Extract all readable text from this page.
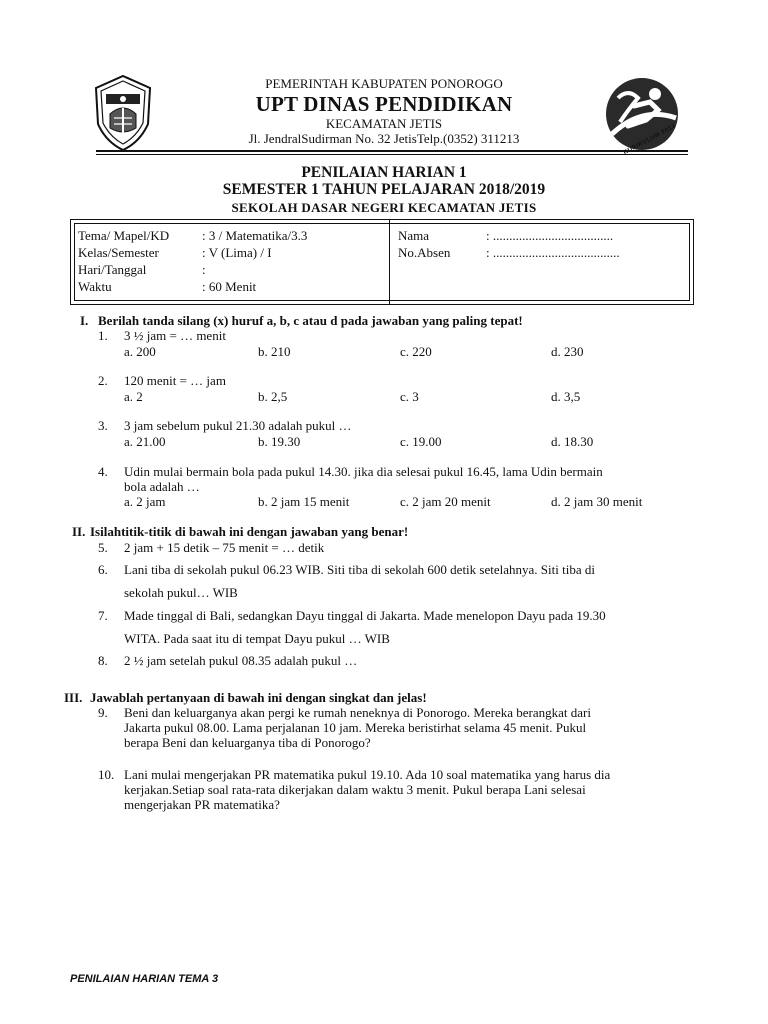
PEMERINTAH KABUPATEN PONOROGO
UPT DINAS PENDIDIKAN
KECAMATAN JETIS
Jl. JendralSudirman No. 32 JetisTelp.(0352) 311213	KURIKULUM 2013
PENILAIAN HARIAN 1
SEMESTER 1 TAHUN PELAJARAN 2018/2019
SEKOLAH DASAR NEGERI KECAMATAN JETIS
Tema/ Mapel/KD	: 3 / Matematika/3.3
Kelas/Semester	: V (Lima) / I
Hari/Tanggal	:
Waktu	: 60 Menit
Nama	: .....................................
No.Absen	: .......................................
I. Berilah tanda silang (x) huruf a, b, c atau d pada jawaban yang paling tepat!
1. 3 ½ jam = … menit
a. 200	b. 210	c. 220	d. 230
2. 120 menit = … jam
a. 2	b. 2,5	c. 3	d. 3,5
3. 3 jam sebelum pukul 21.30 adalah pukul …
a. 21.00	b. 19.30	c. 19.00	d. 18.30
4. Udin mulai bermain bola pada pukul 14.30. jika dia selesai pukul 16.45, lama Udin bermain
bola adalah …
a. 2 jam	b. 2 jam 15 menit	c. 2 jam 20 menit	d. 2 jam 30 menit
II. Isilahtitik-titik di bawah ini dengan jawaban yang benar!
5. 2 jam + 15 detik – 75 menit = … detik
6. Lani tiba di sekolah pukul 06.23 WIB. Siti tiba di sekolah 600 detik setelahnya. Siti tiba di
sekolah pukul… WIB
7. Made tinggal di Bali, sedangkan Dayu tinggal di Jakarta. Made menelopon Dayu pada 19.30
WITA. Pada saat itu di tempat Dayu pukul … WIB
8. 2 ½ jam setelah pukul 08.35 adalah pukul …
III. Jawablah pertanyaan di bawah ini dengan singkat dan jelas!
9. Beni dan keluarganya akan pergi ke rumah neneknya di Ponorogo. Mereka berangkat dari
Jakarta pukul 08.00. Lama perjalanan 10 jam. Mereka beristirhat selama 45 menit. Pukul
berapa Beni dan keluarganya tiba di Ponorogo?
10. Lani mulai mengerjakan PR matematika pukul 19.10. Ada 10 soal matematika yang harus dia
kerjakan.Setiap soal rata-rata dikerjakan dalam waktu 3 menit. Pukul berapa Lani selesai
mengerjakan PR matematika?
PENILAIAN HARIAN TEMA 3
